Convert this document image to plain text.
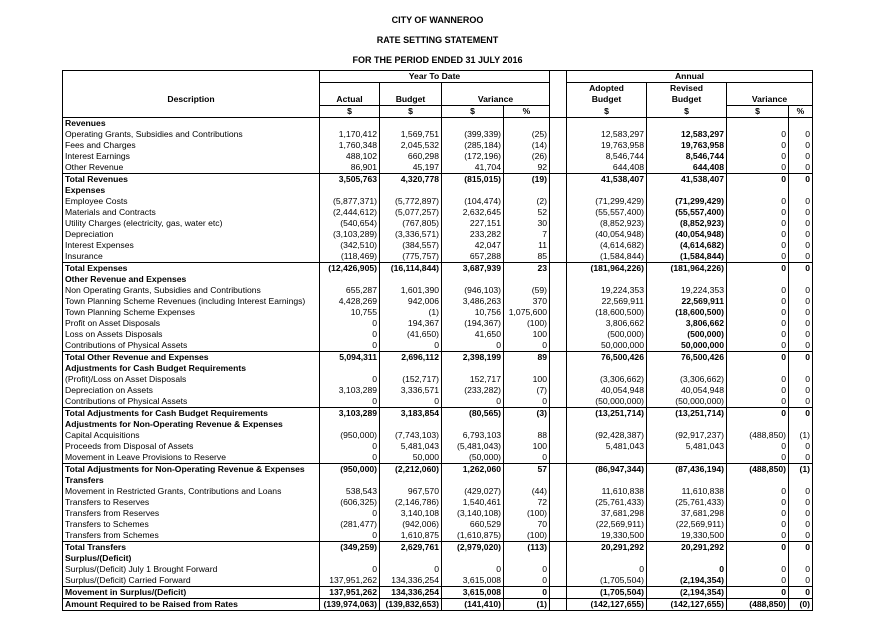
CITY OF WANNEROO
RATE SETTING STATEMENT
FOR THE PERIOD ENDED 31 JULY 2016
	Year To Date					Annual			
						Adopted	Revised		
Description	Actual	Budget	Variance			Budget	Budget	Variance	
	$	$	$	%		$	$	$	%
Revenues									
Operating Grants, Subsidies and Contributions	1,170,412	1,569,751	(399,339)	(25)		12,583,297	12,583,297	0	0
Fees and Charges	1,760,348	2,045,532	(285,184)	(14)		19,763,958	19,763,958	0	0
Interest Earnings	488,102	660,298	(172,196)	(26)		8,546,744	8,546,744	0	0
Other Revenue	86,901	45,197	41,704	92		644,408	644,408	0	0
Total Revenues	3,505,763	4,320,778	(815,015)	(19)		41,538,407	41,538,407	0	0
Expenses									
Employee Costs	(5,877,371)	(5,772,897)	(104,474)	(2)		(71,299,429)	(71,299,429)	0	0
Materials and Contracts	(2,444,612)	(5,077,257)	2,632,645	52		(55,557,400)	(55,557,400)	0	0
Utility Charges (electricity, gas, water etc)	(540,654)	(767,805)	227,151	30		(8,852,923)	(8,852,923)	0	0
Depreciation	(3,103,289)	(3,336,571)	233,282	7		(40,054,948)	(40,054,948)	0	0
Interest Expenses	(342,510)	(384,557)	42,047	11		(4,614,682)	(4,614,682)	0	0
Insurance	(118,469)	(775,757)	657,288	85		(1,584,844)	(1,584,844)	0	0
Total Expenses	(12,426,905)	(16,114,844)	3,687,939	23		(181,964,226)	(181,964,226)	0	0
Other Revenue and Expenses									
Non Operating Grants, Subsidies and Contributions	655,287	1,601,390	(946,103)	(59)		19,224,353	19,224,353	0	0
Town Planning Scheme Revenues (including Interest Earnings)	4,428,269	942,006	3,486,263	370		22,569,911	22,569,911	0	0
Town Planning Scheme Expenses	10,755	(1)	10,756	1,075,600		(18,600,500)	(18,600,500)	0	0
Profit on Asset Disposals	0	194,367	(194,367)	(100)		3,806,662	3,806,662	0	0
Loss on Assets Disposals	0	(41,650)	41,650	100		(500,000)	(500,000)	0	0
Contributions of Physical Assets	0	0	0	0		50,000,000	50,000,000	0	0
Total Other Revenue and Expenses	5,094,311	2,696,112	2,398,199	89		76,500,426	76,500,426	0	0
Adjustments for Cash Budget Requirements									
(Profit)/Loss on Asset Disposals	0	(152,717)	152,717	100		(3,306,662)	(3,306,662)	0	0
Depreciation on Assets	3,103,289	3,336,571	(233,282)	(7)		40,054,948	40,054,948	0	0
Contributions of Physical Assets	0	0	0	0		(50,000,000)	(50,000,000)	0	0
Total Adjustments for Cash Budget Requirements	3,103,289	3,183,854	(80,565)	(3)		(13,251,714)	(13,251,714)	0	0
Adjustments for Non-Operating Revenue & Expenses									
Capital Acquisitions	(950,000)	(7,743,103)	6,793,103	88		(92,428,387)	(92,917,237)	(488,850)	(1)
Proceeds from Disposal of Assets	0	5,481,043	(5,481,043)	100		5,481,043	5,481,043	0	0
Movement in Leave Provisions to Reserve	0	50,000	(50,000)	0				0	0
Total Adjustments for Non-Operating Revenue & Expenses	(950,000)	(2,212,060)	1,262,060	57		(86,947,344)	(87,436,194)	(488,850)	(1)
Transfers									
Movement in Restricted Grants, Contributions and Loans	538,543	967,570	(429,027)	(44)		11,610,838	11,610,838	0	0
Transfers to Reserves	(606,325)	(2,146,786)	1,540,461	72		(25,761,433)	(25,761,433)	0	0
Transfers from Reserves	0	3,140,108	(3,140,108)	(100)		37,681,298	37,681,298	0	0
Transfers to Schemes	(281,477)	(942,006)	660,529	70		(22,569,911)	(22,569,911)	0	0
Transfers from Schemes	0	1,610,875	(1,610,875)	(100)		19,330,500	19,330,500	0	0
Total Transfers	(349,259)	2,629,761	(2,979,020)	(113)		20,291,292	20,291,292	0	0
Surplus/(Deficit)									
Surplus/(Deficit) July 1 Brought Forward	0	0	0	0		0	0	0	0
Surplus/(Deficit) Carried Forward	137,951,262	134,336,254	3,615,008	0		(1,705,504)	(2,194,354)	0	0
Movement in Surplus/(Deficit)	137,951,262	134,336,254	3,615,008	0		(1,705,504)	(2,194,354)	0	0
Amount Required to be Raised from Rates	(139,974,063)	(139,832,653)	(141,410)	(1)		(142,127,655)	(142,127,655)	(488,850)	(0)
